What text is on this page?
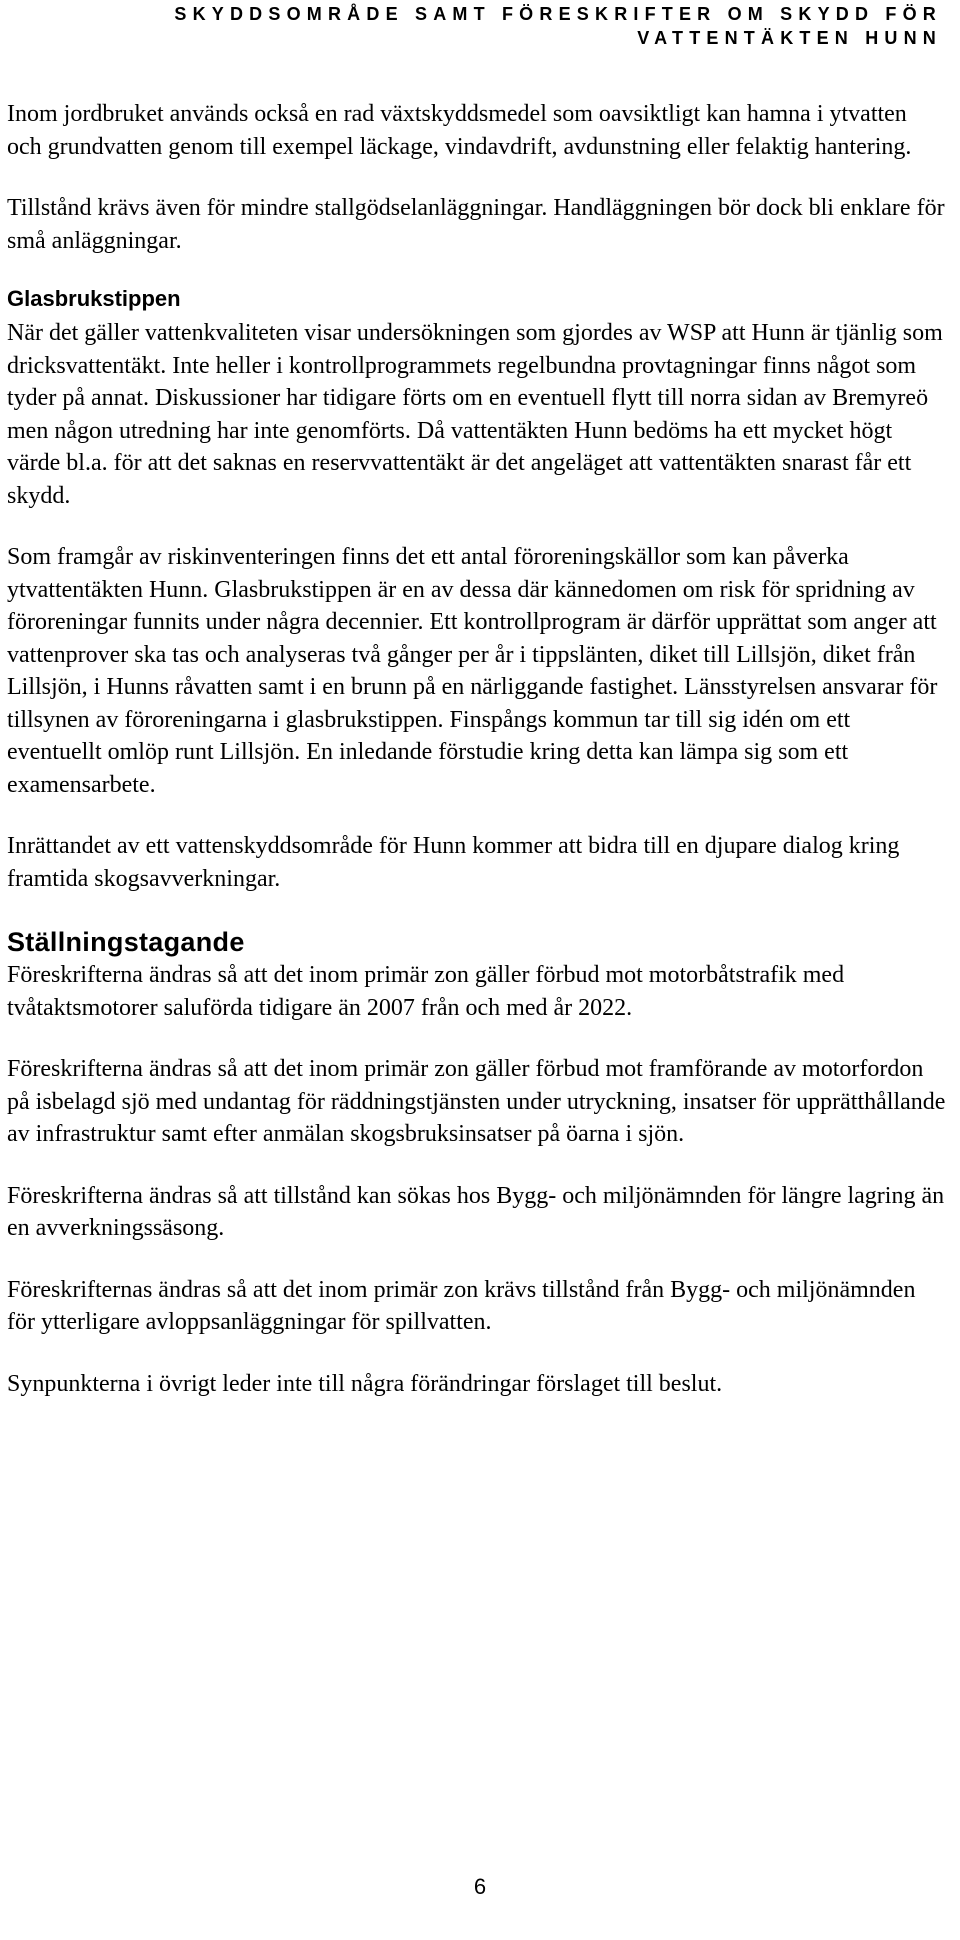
SKYDDSOMRÅDE SAMT FÖRESKRIFTER OM SKYDD FÖR
VATTENTÄKTEN HUNN

Inom jordbruket används också en rad växtskyddsmedel som oavsiktligt kan hamna i ytvatten och grundvatten genom till exempel läckage, vindavdrift, avdunstning eller felaktig hantering.

Tillstånd krävs även för mindre stallgödselanläggningar. Handläggningen bör dock bli enklare för små anläggningar.

Glasbrukstippen

När det gäller vattenkvaliteten visar undersökningen som gjordes av WSP att Hunn är tjänlig som dricksvattentäkt. Inte heller i kontrollprogrammets regelbundna provtagningar finns något som tyder på annat. Diskussioner har tidigare förts om en eventuell flytt till norra sidan av Bremyreö men någon utredning har inte genomförts. Då vattentäkten Hunn bedöms ha ett mycket högt värde bl.a. för att det saknas en reservvattentäkt är det angeläget att vattentäkten snarast får ett skydd.

Som framgår av riskinventeringen finns det ett antal föroreningskällor som kan påverka ytvattentäkten Hunn. Glasbrukstippen är en av dessa där kännedomen om risk för spridning av föroreningar funnits under några decennier. Ett kontrollprogram är därför upprättat som anger att vattenprover ska tas och analyseras två gånger per år i tippslänten, diket till Lillsjön, diket från Lillsjön, i Hunns råvatten samt i en brunn på en närliggande fastighet. Länsstyrelsen ansvarar för tillsynen av föroreningarna i glasbrukstippen. Finspångs kommun tar till sig idén om ett eventuellt omlöp runt Lillsjön. En inledande förstudie kring detta kan lämpa sig som ett examensarbete.

Inrättandet av ett vattenskyddsområde för Hunn kommer att bidra till en djupare dialog kring framtida skogsavverkningar.

Ställningstagande

Föreskrifterna ändras så att det inom primär zon gäller förbud mot motorbåtstrafik med tvåtaktsmotorer saluförda tidigare än 2007 från och med år 2022.

Föreskrifterna ändras så att det inom primär zon gäller förbud mot framförande av motorfordon på isbelagd sjö med undantag för räddningstjänsten under utryckning, insatser för upprätthållande av infrastruktur samt efter anmälan skogsbruksinsatser på öarna i sjön.

Föreskrifterna ändras så att tillstånd kan sökas hos Bygg- och miljönämnden för längre lagring än en avverkningssäsong.

Föreskrifternas ändras så att det inom primär zon krävs tillstånd från Bygg- och miljönämnden för ytterligare avloppsanläggningar för spillvatten.

Synpunkterna i övrigt leder inte till några förändringar förslaget till beslut.

6
